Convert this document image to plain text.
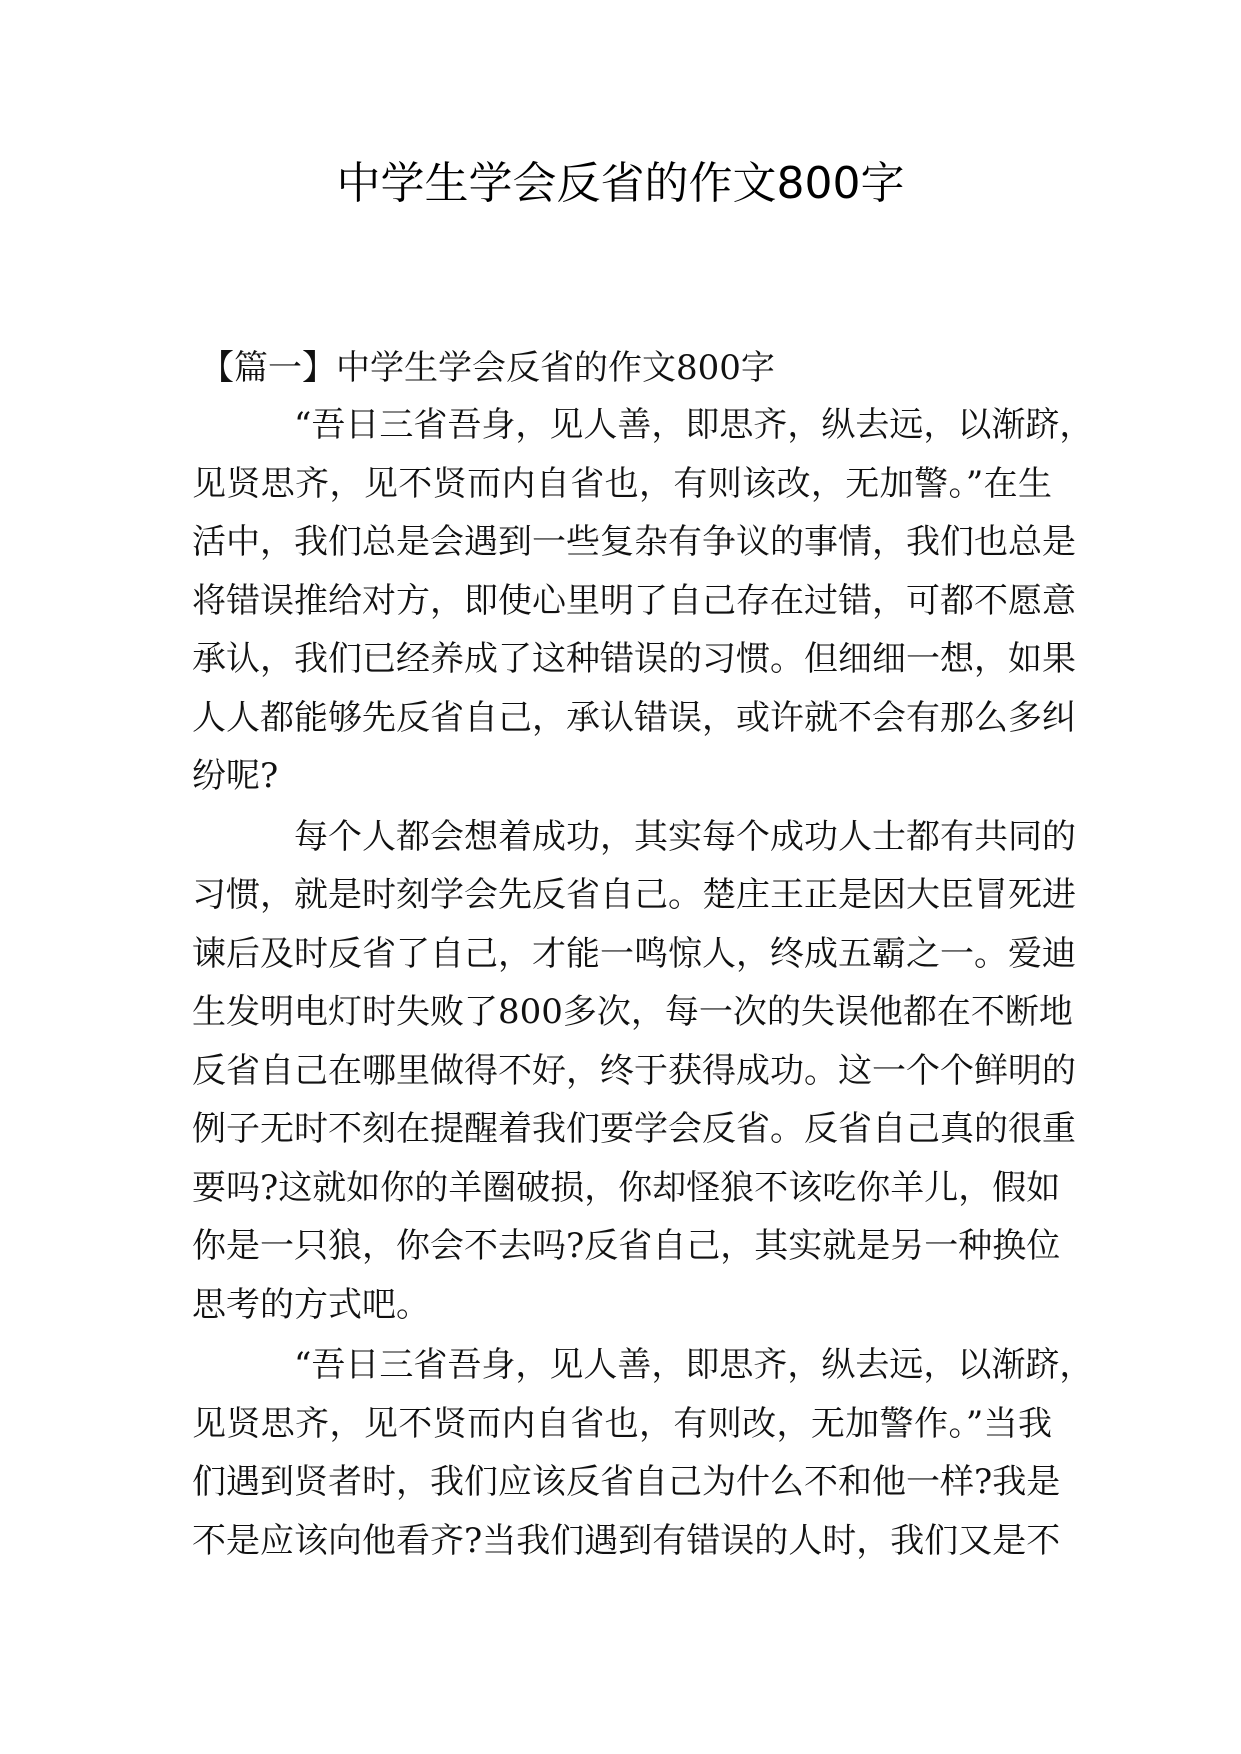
中学生学会反省的作文800字
【篇一】中学生学会反省的作文800字
“吾日三省吾身，见人善，即思齐，纵去远，以渐跻，
见贤思齐，见不贤而内自省也，有则该改，无加警。”在生
活中，我们总是会遇到一些复杂有争议的事情，我们也总是
将错误推给对方，即使心里明了自己存在过错，可都不愿意
承认，我们已经养成了这种错误的习惯。但细细一想，如果
人人都能够先反省自己，承认错误，或许就不会有那么多纠
纷呢?
每个人都会想着成功，其实每个成功人士都有共同的
习惯，就是时刻学会先反省自己。楚庄王正是因大臣冒死进
谏后及时反省了自己，才能一鸣惊人，终成五霸之一。爱迪
生发明电灯时失败了800多次，每一次的失误他都在不断地
反省自己在哪里做得不好，终于获得成功。这一个个鲜明的
例子无时不刻在提醒着我们要学会反省。反省自己真的很重
要吗?这就如你的羊圈破损，你却怪狼不该吃你羊儿，假如
你是一只狼，你会不去吗?反省自己，其实就是另一种换位
思考的方式吧。
“吾日三省吾身，见人善，即思齐，纵去远，以渐跻，
见贤思齐，见不贤而内自省也，有则改，无加警作。”当我
们遇到贤者时，我们应该反省自己为什么不和他一样?我是
不是应该向他看齐?当我们遇到有错误的人时，我们又是不
